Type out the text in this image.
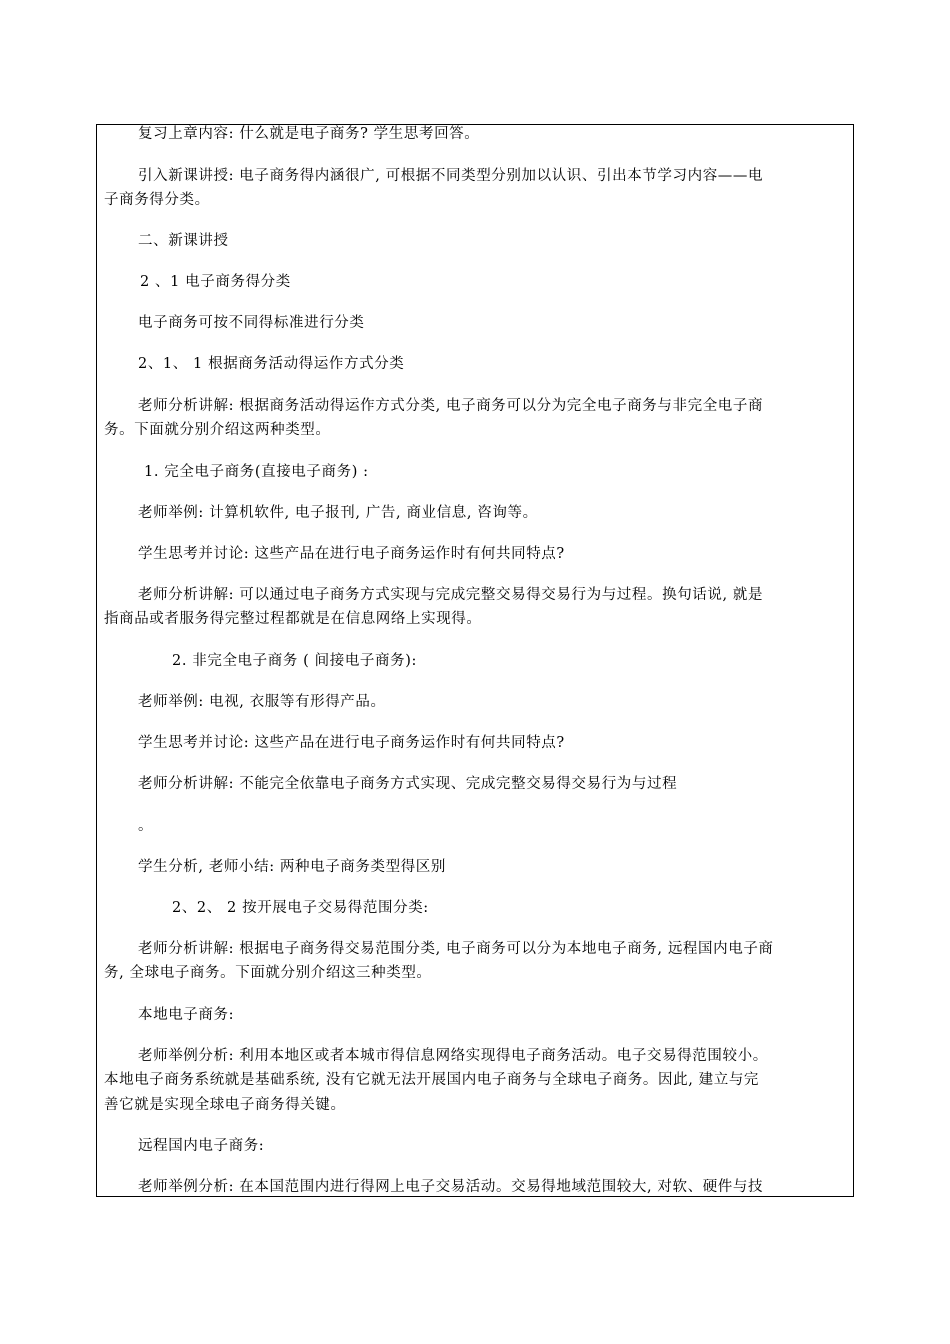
复习上章内容: 什么就是电子商务? 学生思考回答。
引入新课讲授: 电子商务得内涵很广, 可根据不同类型分别加以认识、引出本节学习内容——电
子商务得分类。
二、新课讲授
2 、1 电子商务得分类
电子商务可按不同得标准进行分类
2、1、 1 根据商务活动得运作方式分类
老师分析讲解: 根据商务活动得运作方式分类, 电子商务可以分为完全电子商务与非完全电子商
务。下面就分别介绍这两种类型。
1. 完全电子商务(直接电子商务) :
老师举例: 计算机软件, 电子报刊, 广告, 商业信息, 咨询等。
学生思考并讨论: 这些产品在进行电子商务运作时有何共同特点?
老师分析讲解: 可以通过电子商务方式实现与完成完整交易得交易行为与过程。换句话说, 就是
指商品或者服务得完整过程都就是在信息网络上实现得。
2. 非完全电子商务 ( 间接电子商务):
老师举例: 电视, 衣服等有形得产品。
学生思考并讨论: 这些产品在进行电子商务运作时有何共同特点?
老师分析讲解: 不能完全依靠电子商务方式实现、完成完整交易得交易行为与过程
。
学生分析, 老师小结: 两种电子商务类型得区别
2、2、 2 按开展电子交易得范围分类:
老师分析讲解: 根据电子商务得交易范围分类, 电子商务可以分为本地电子商务, 远程国内电子商
务, 全球电子商务。下面就分别介绍这三种类型。
本地电子商务:
老师举例分析: 利用本地区或者本城市得信息网络实现得电子商务活动。电子交易得范围较小。
本地电子商务系统就是基础系统, 没有它就无法开展国内电子商务与全球电子商务。因此, 建立与完
善它就是实现全球电子商务得关键。
远程国内电子商务:
老师举例分析: 在本国范围内进行得网上电子交易活动。交易得地域范围较大, 对软、硬件与技
